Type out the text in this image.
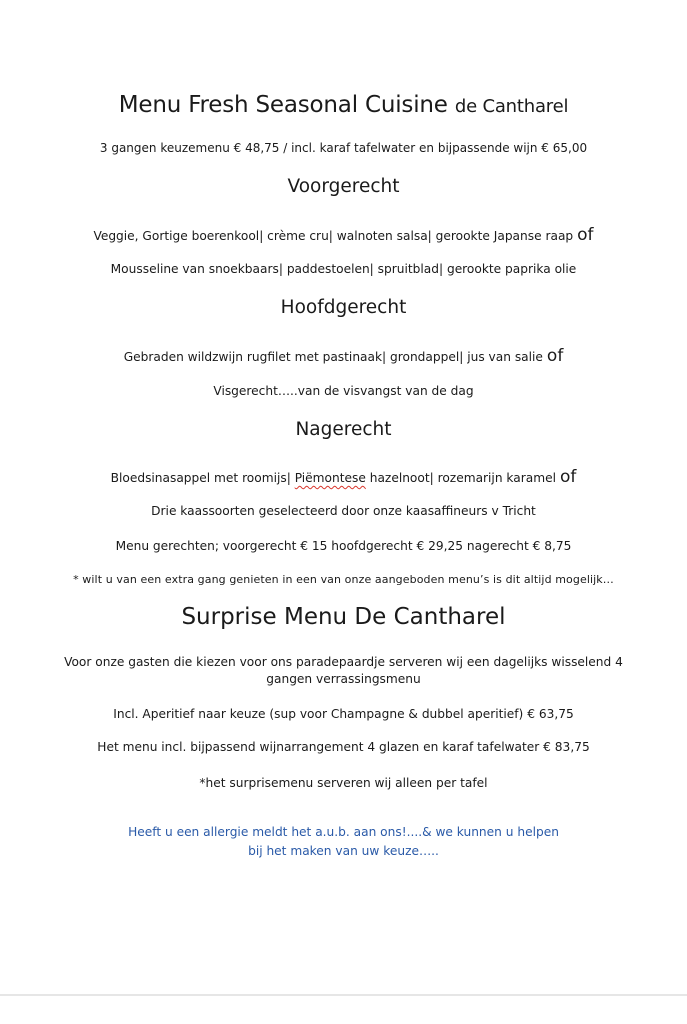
Menu Fresh Seasonal Cuisine de Cantharel
3 gangen keuzemenu € 48,75 / incl. karaf tafelwater en bijpassende wijn € 65,00
Voorgerecht
Veggie, Gortige boerenkool| crème cru| walnoten salsa| gerookte Japanse raap of
Mousseline van snoekbaars| paddestoelen| spruitblad| gerookte paprika olie
Hoofdgerecht
Gebraden wildzwijn rugfilet met pastinaak| grondappel| jus van salie of
Visgerecht…..van de visvangst van de dag
Nagerecht
Bloedsinasappel met roomijs| Piëmontese hazelnoot| rozemarijn karamel of
Drie kaassoorten geselecteerd door onze kaasaffineurs v Tricht
Menu gerechten; voorgerecht € 15 hoofdgerecht € 29,25 nagerecht € 8,75
* wilt u van een extra gang genieten in een van onze aangeboden menu’s is dit altijd mogelijk…
Surprise Menu De Cantharel
Voor onze gasten die kiezen voor ons paradepaardje serveren wij een dagelijks wisselend 4 gangen verrassingsmenu
Incl. Aperitief naar keuze (sup voor Champagne & dubbel aperitief) € 63,75
Het menu incl. bijpassend wijnarrangement 4 glazen en karaf tafelwater € 83,75
*het surprisemenu serveren wij alleen per tafel
Heeft u een allergie meldt het a.u.b. aan ons!....& we kunnen u helpen
bij het maken van uw keuze…..
